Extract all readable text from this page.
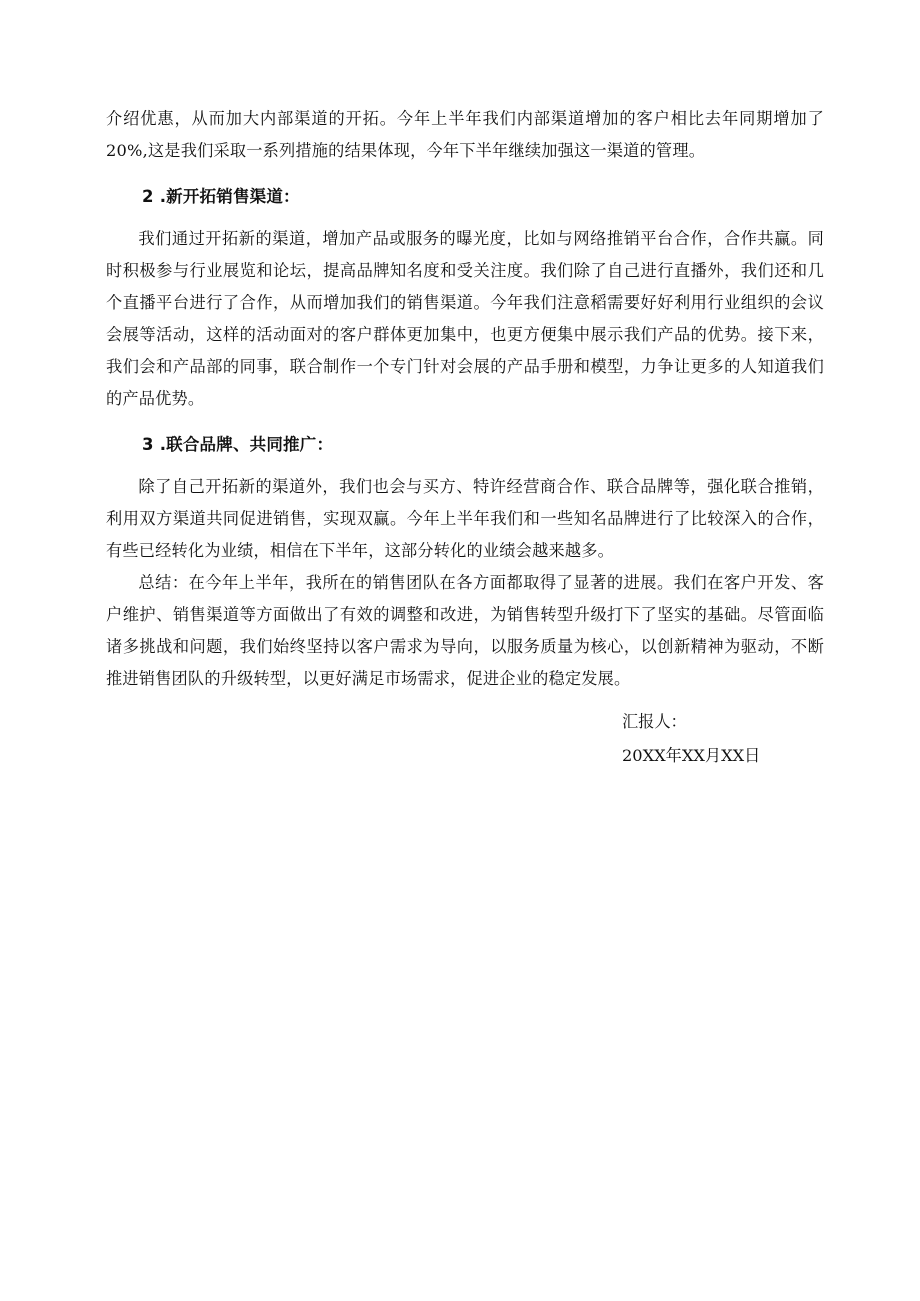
介绍优惠，从而加大内部渠道的开拓。今年上半年我们内部渠道增加的客户相比去年同期增加了20%,这是我们采取一系列措施的结果体现，今年下半年继续加强这一渠道的管理。

2 .新开拓销售渠道：

我们通过开拓新的渠道，增加产品或服务的曝光度，比如与网络推销平台合作，合作共赢。同时积极参与行业展览和论坛，提高品牌知名度和受关注度。我们除了自己进行直播外，我们还和几个直播平台进行了合作，从而增加我们的销售渠道。今年我们注意稻需要好好利用行业组织的会议会展等活动，这样的活动面对的客户群体更加集中，也更方便集中展示我们产品的优势。接下来，我们会和产品部的同事，联合制作一个专门针对会展的产品手册和模型，力争让更多的人知道我们的产品优势。

3 .联合品牌、共同推广：

除了自己开拓新的渠道外，我们也会与买方、特许经营商合作、联合品牌等，强化联合推销，利用双方渠道共同促进销售，实现双赢。今年上半年我们和一些知名品牌进行了比较深入的合作，有些已经转化为业绩，相信在下半年，这部分转化的业绩会越来越多。

总结：在今年上半年，我所在的销售团队在各方面都取得了显著的进展。我们在客户开发、客户维护、销售渠道等方面做出了有效的调整和改进，为销售转型升级打下了坚实的基础。尽管面临诸多挑战和问题，我们始终坚持以客户需求为导向，以服务质量为核心，以创新精神为驱动，不断推进销售团队的升级转型，以更好满足市场需求，促进企业的稳定发展。

汇报人：
20XX年XX月XX日
